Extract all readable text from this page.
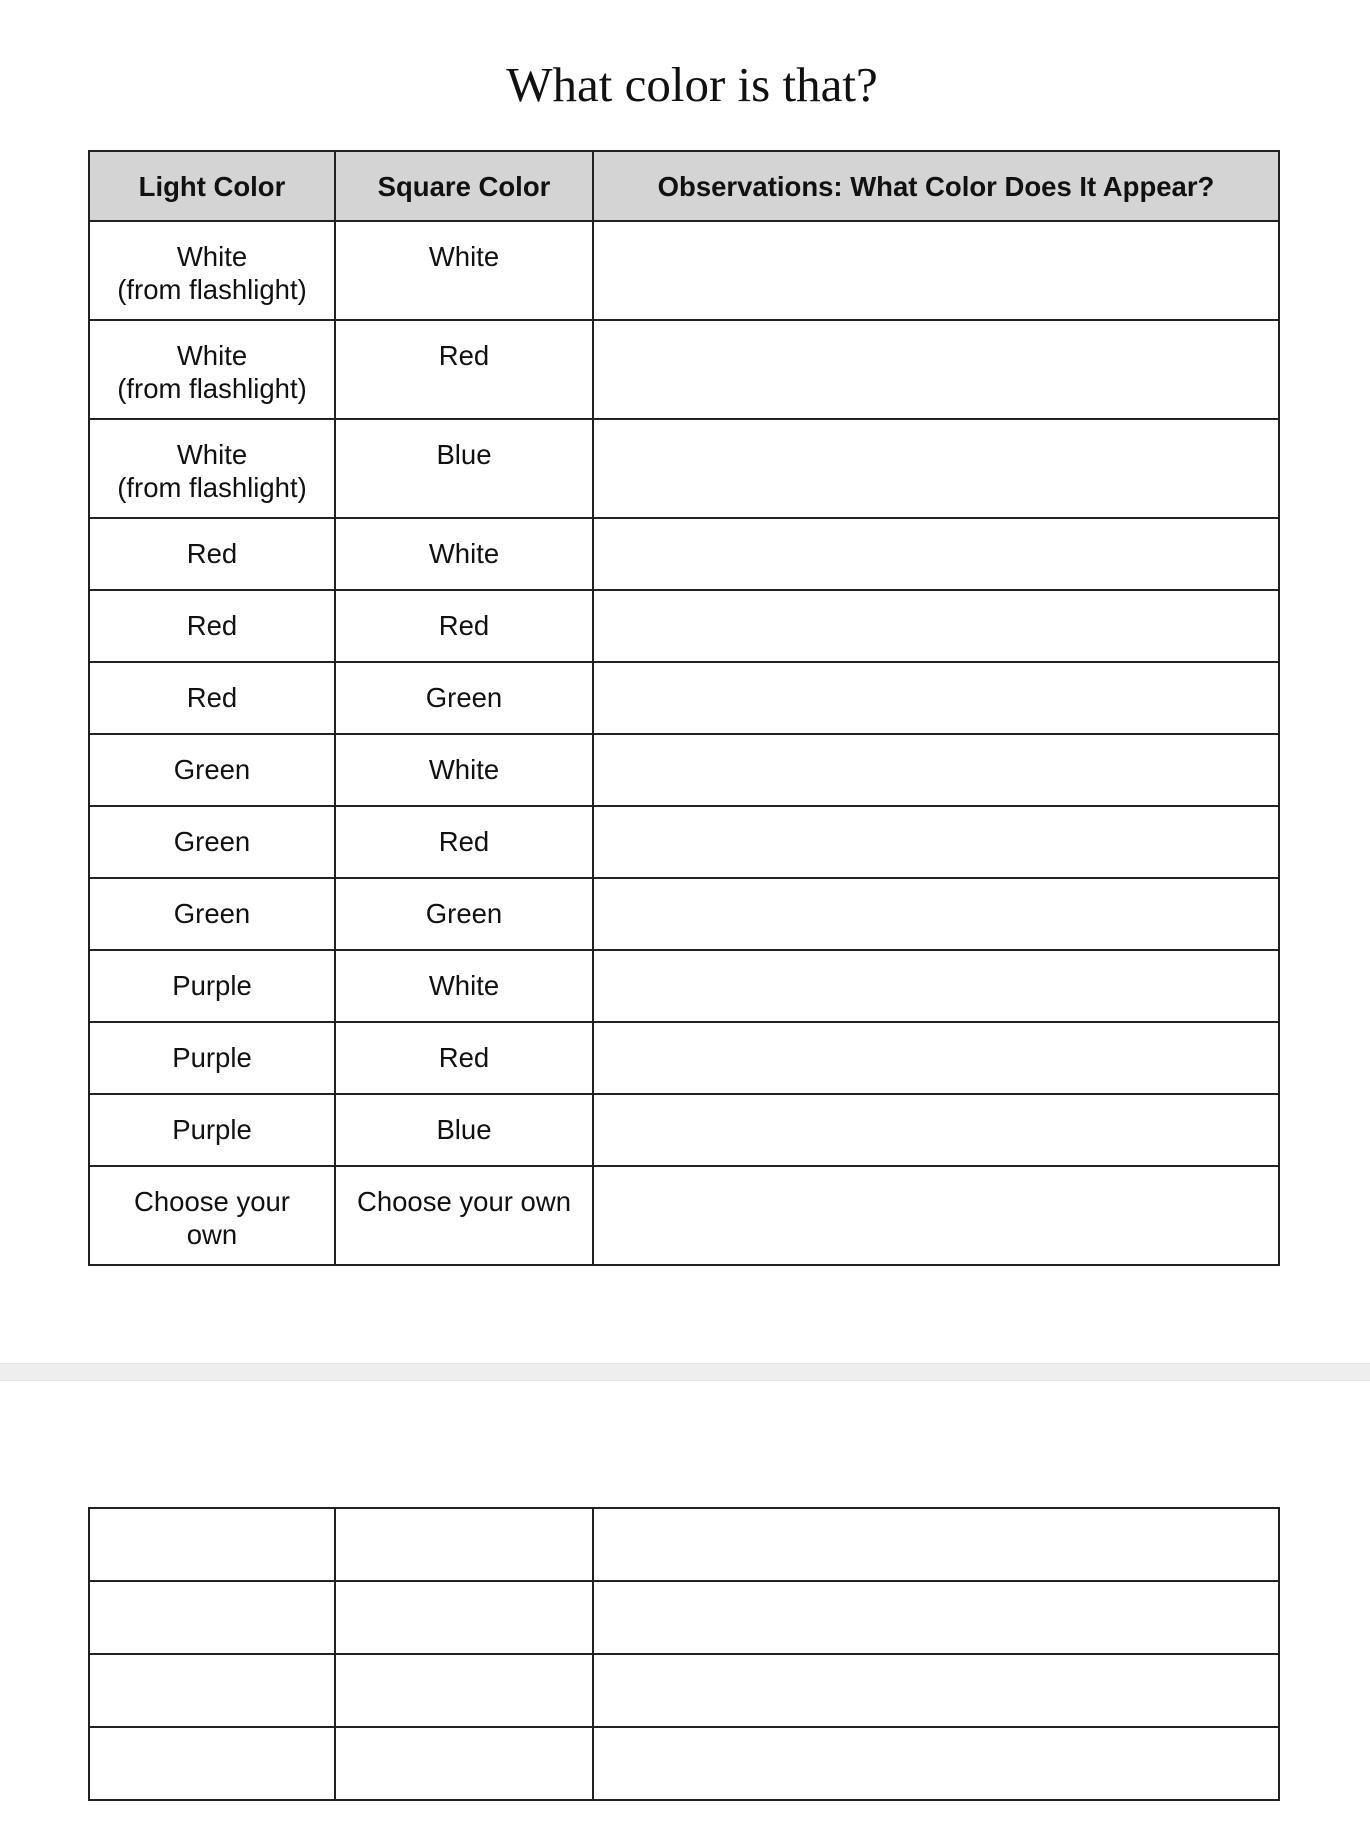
What color is that?
Light Color	Square Color	Observations: What Color Does It Appear?
White
(from flashlight)	White	
White
(from flashlight)	Red	
White
(from flashlight)	Blue	
Red	White	
Red	Red	
Red	Green	
Green	White	
Green	Red	
Green	Green	
Purple	White	
Purple	Red	
Purple	Blue	
Choose your
own	Choose your own	
